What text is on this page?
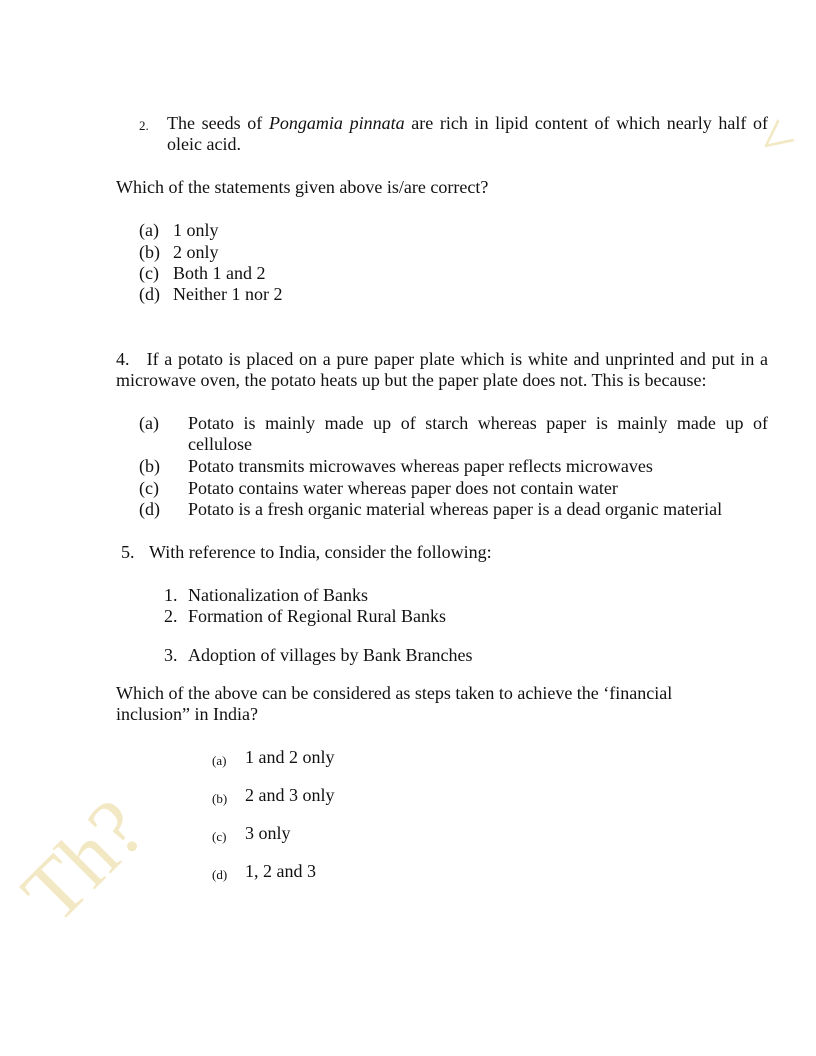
<
Th?
2. The seeds of Pongamia pinnata are rich in lipid content of which nearly half of oleic acid.
Which of the statements given above is/are correct?
(a) 1 only
(b) 2 only
(c) Both 1 and 2
(d) Neither 1 nor 2
4. If a potato is placed on a pure paper plate which is white and unprinted and put in a microwave oven, the potato heats up but the paper plate does not. This is because:
(a) Potato is mainly made up of starch whereas paper is mainly made up of cellulose
(b) Potato transmits microwaves whereas paper reflects microwaves
(c) Potato contains water whereas paper does not contain water
(d) Potato is a fresh organic material whereas paper is a dead organic material
5. With reference to India, consider the following:
1. Nationalization of Banks
2. Formation of Regional Rural Banks
3. Adoption of villages by Bank Branches
Which of the above can be considered as steps taken to achieve the ‘financial inclusion” in India?
(a) 1 and 2 only
(b) 2 and 3 only
(c) 3 only
(d) 1, 2 and 3
